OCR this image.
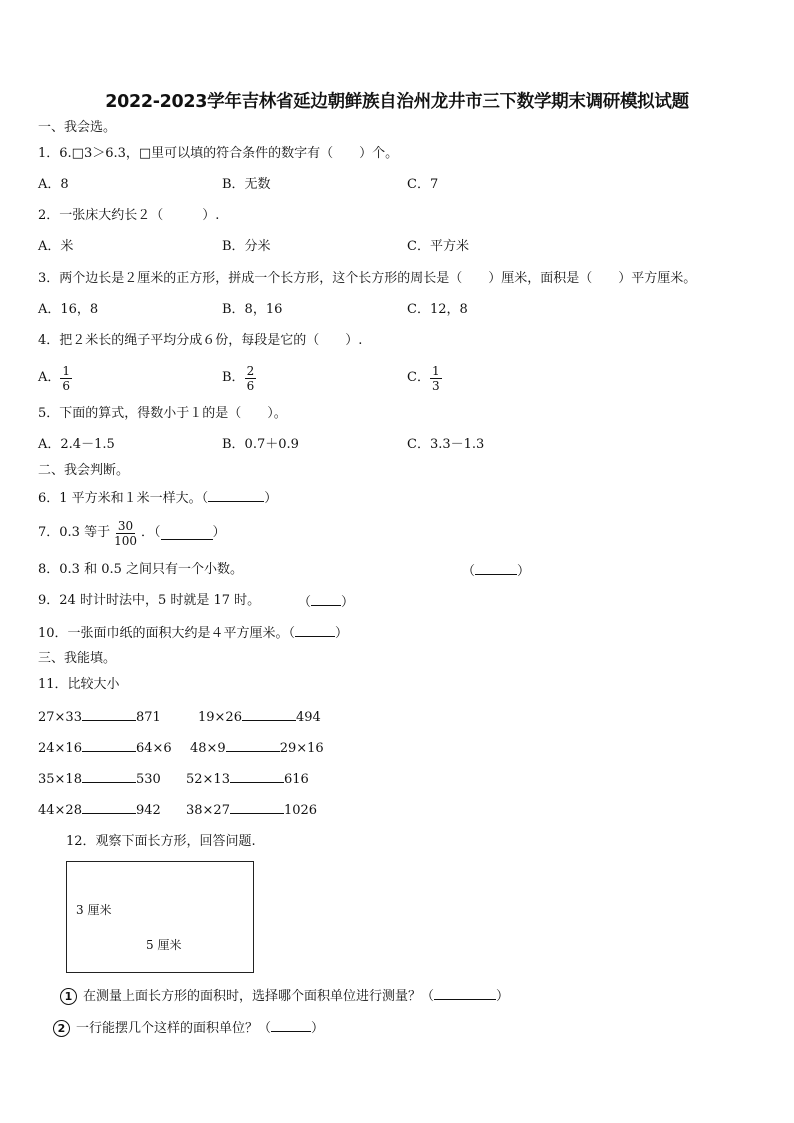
2022-2023学年吉林省延边朝鲜族自治州龙井市三下数学期末调研模拟试题
一、我会选。
1．6.□3＞6.3，□里可以填的符合条件的数字有（　　）个。
A．8	B．无数	C．7
2．一张床大约长２（　　　）.
A．米	B．分米	C．平方米
3．两个边长是２厘米的正方形，拼成一个长方形，这个长方形的周长是（　　）厘米，面积是（　　）平方厘米。
A．16，8	B．8，16	C．12，8
4．把２米长的绳子平均分成６份，每段是它的（　　）.
A． $\frac{1}{6}$	B． $\frac{2}{6}$	C． $\frac{1}{3}$
5．下面的算式，得数小于１的是（　　）。
A．2.4－1.5	B．0.7＋0.9	C．3.3－1.3
二、我会判断。
6．1 平方米和１米一样大。（	）
7．0.3 等于 $\frac{30}{100}$ ．（	）
8．0.3 和 0.5 之间只有一个小数。	（	）
9．24 时计时法中，5 时就是 17 时。	（ ）
10．一张面巾纸的面积大约是４平方厘米。（	）
三、我能填。
11．比较大小
27×33	871	19×26	494
24×16	64×6 48×9	29×16
35×18	530 52×13	616
44×28	942 38×27	1026
12．观察下面长方形，回答问题.
3 厘米
5 厘米
1 在测量上面长方形的面积时，选择哪个面积单位进行测量？（	）
2 一行能摆几个这样的面积单位？（	）
